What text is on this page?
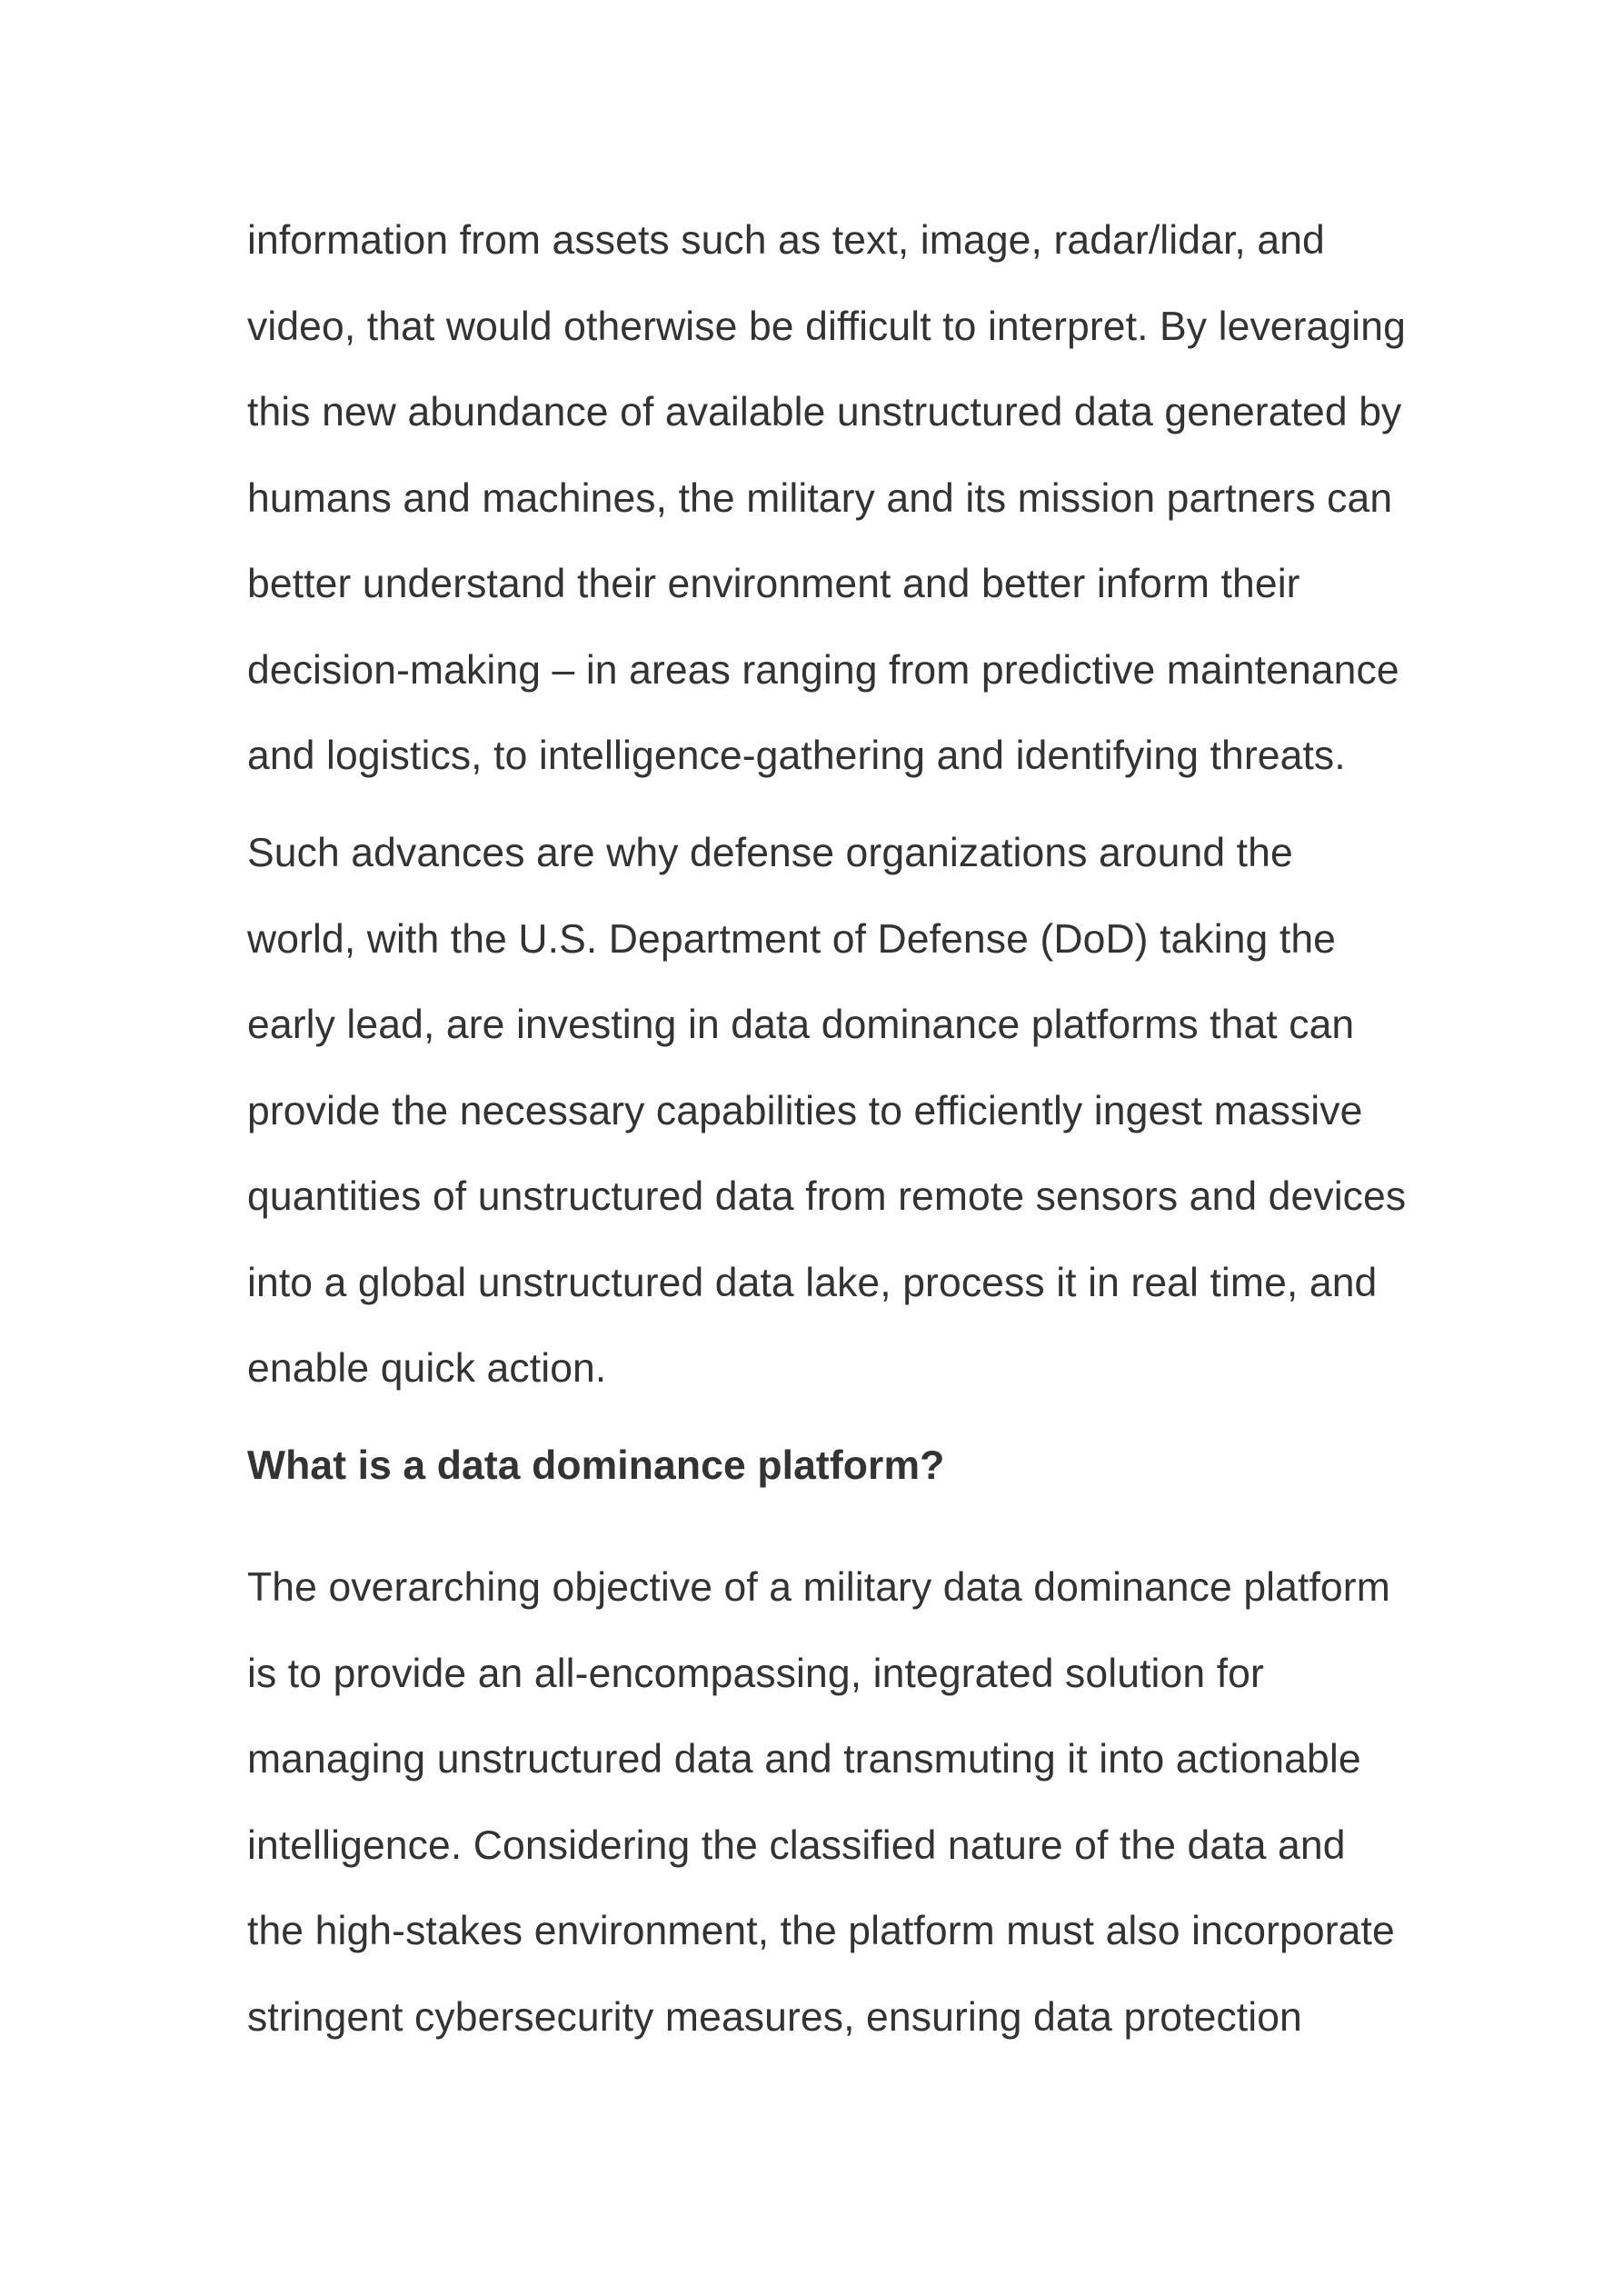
information from assets such as text, image, radar/lidar, and
video, that would otherwise be difficult to interpret. By leveraging
this new abundance of available unstructured data generated by
humans and machines, the military and its mission partners can
better understand their environment and better inform their
decision-making – in areas ranging from predictive maintenance
and logistics, to intelligence-gathering and identifying threats.
Such advances are why defense organizations around the
world, with the U.S. Department of Defense (DoD) taking the
early lead, are investing in data dominance platforms that can
provide the necessary capabilities to efficiently ingest massive
quantities of unstructured data from remote sensors and devices
into a global unstructured data lake, process it in real time, and
enable quick action.
What is a data dominance platform?
The overarching objective of a military data dominance platform
is to provide an all-encompassing, integrated solution for
managing unstructured data and transmuting it into actionable
intelligence. Considering the classified nature of the data and
the high-stakes environment, the platform must also incorporate
stringent cybersecurity measures, ensuring data protection
